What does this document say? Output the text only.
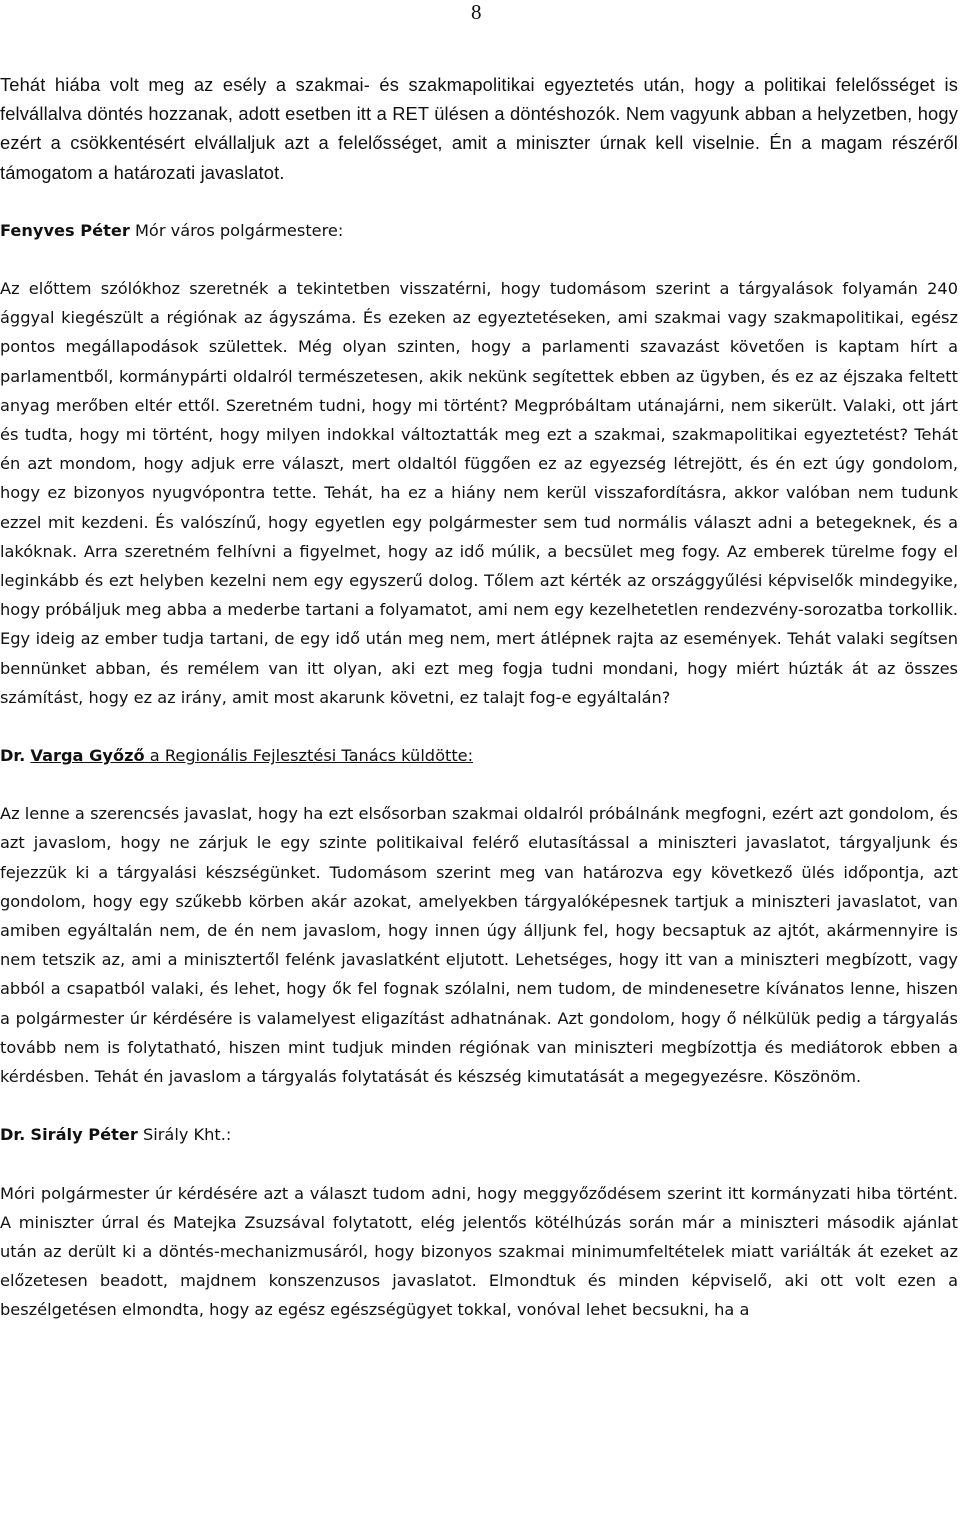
8

Tehát hiába volt meg az esély a szakmai- és szakmapolitikai egyeztetés után, hogy a politikai felelősséget is felvállalva döntés hozzanak, adott esetben itt a RET ülésen a döntéshozók. Nem vagyunk abban a helyzetben, hogy ezért a csökkentésért elvállaljuk azt a felelősséget, amit a miniszter úrnak kell viselnie. Én a magam részéről támogatom a határozati javaslatot.

Fenyves Péter Mór város polgármestere:

Az előttem szólókhoz szeretnék a tekintetben visszatérni, hogy tudomásom szerint a tárgyalások folyamán 240 ággyal kiegészült a régiónak az ágyszáma. És ezeken az egyeztetéseken, ami szakmai vagy szakmapolitikai, egész pontos megállapodások születtek. Még olyan szinten, hogy a parlamenti szavazást követően is kaptam hírt a parlamentből, kormánypárti oldalról természetesen, akik nekünk segítettek ebben az ügyben, és ez az éjszaka feltett anyag merőben eltér ettől. Szeretném tudni, hogy mi történt? Megpróbáltam utánajárni, nem sikerült. Valaki, ott járt és tudta, hogy mi történt, hogy milyen indokkal változtatták meg ezt a szakmai, szakmapolitikai egyeztetést? Tehát én azt mondom, hogy adjuk erre választ, mert oldaltól függően ez az egyezség létrejött, és én ezt úgy gondolom, hogy ez bizonyos nyugvópontra tette. Tehát, ha ez a hiány nem kerül visszafordításra, akkor valóban nem tudunk ezzel mit kezdeni. És valószínű, hogy egyetlen egy polgármester sem tud normális választ adni a betegeknek, és a lakóknak. Arra szeretném felhívni a figyelmet, hogy az idő múlik, a becsület meg fogy. Az emberek türelme fogy el leginkább és ezt helyben kezelni nem egy egyszerű dolog. Tőlem azt kérték az országgyűlési képviselők mindegyike, hogy próbáljuk meg abba a mederbe tartani a folyamatot, ami nem egy kezelhetetlen rendezvény-sorozatba torkollik. Egy ideig az ember tudja tartani, de egy idő után meg nem, mert átlépnek rajta az események. Tehát valaki segítsen bennünket abban, és remélem van itt olyan, aki ezt meg fogja tudni mondani, hogy miért húzták át az összes számítást, hogy ez az irány, amit most akarunk követni, ez talajt fog-e egyáltalán?

Dr. Varga Győző a Regionális Fejlesztési Tanács küldötte:

Az lenne a szerencsés javaslat, hogy ha ezt elsősorban szakmai oldalról próbálnánk megfogni, ezért azt gondolom, és azt javaslom, hogy ne zárjuk le egy szinte politikaival felérő elutasítással a miniszteri javaslatot, tárgyaljunk és fejezzük ki a tárgyalási készségünket. Tudomásom szerint meg van határozva egy következő ülés időpontja, azt gondolom, hogy egy szűkebb körben akár azokat, amelyekben tárgyalóképesnek tartjuk a miniszteri javaslatot, van amiben egyáltalán nem, de én nem javaslom, hogy innen úgy álljunk fel, hogy becsaptuk az ajtót, akármennyire is nem tetszik az, ami a minisztertől felénk javaslatként eljutott. Lehetséges, hogy itt van a miniszteri megbízott, vagy abból a csapatból valaki, és lehet, hogy ők fel fognak szólalni, nem tudom, de mindenesetre kívánatos lenne, hiszen a polgármester úr kérdésére is valamelyest eligazítást adhatnának. Azt gondolom, hogy ő nélkülük pedig a tárgyalás tovább nem is folytatható, hiszen mint tudjuk minden régiónak van miniszteri megbízottja és mediátorok ebben a kérdésben. Tehát én javaslom a tárgyalás folytatását és készség kimutatását a megegyezésre. Köszönöm.

Dr. Sirály Péter Sirály Kht.:

Móri polgármester úr kérdésére azt a választ tudom adni, hogy meggyőződésem szerint itt kormányzati hiba történt. A miniszter úrral és Matejka Zsuzsával folytatott, elég jelentős kötélhúzás során már a miniszteri második ajánlat után az derült ki a döntés-mechanizmusáról, hogy bizonyos szakmai minimumfeltételek miatt variálták át ezeket az előzetesen beadott, majdnem konszenzusos javaslatot. Elmondtuk és minden képviselő, aki ott volt ezen a beszélgetésen elmondta, hogy az egész egészségügyet tokkal, vonóval lehet becsukni, ha a
